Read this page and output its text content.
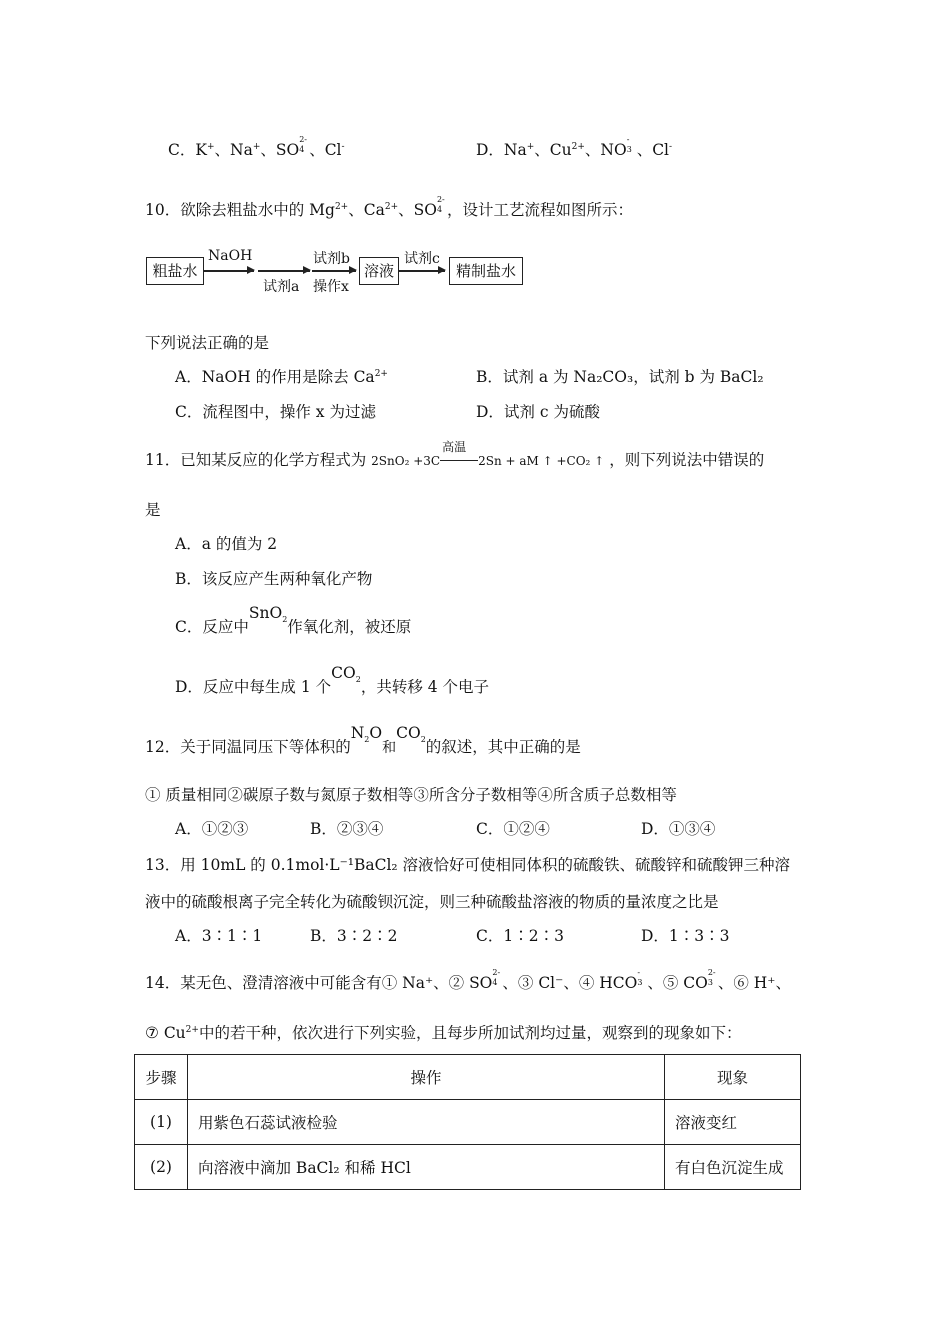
C．K+、Na+、SO
2-
4 、Cl-	D．Na+、$Cu^{2+}$、NO
-
3 、Cl-
10．欲除去粗盐水中的 $Mg^{2+}$、$Ca^{2+}$、SO
2-
4 ，设计工艺流程如图所示：
粗盐水
NaOH
试剂a
试剂b
操作x
溶液
试剂c
精制盐水
下列说法正确的是
A．NaOH 的作用是除去 $Ca^{2+}$	B．试剂 a 为 Na₂CO₃，试剂 b 为 BaCl₂
C．流程图中，操作 x 为过滤	D．试剂 c 为硫酸
11．已知某反应的化学方程式为 2SnO₂ +3C
高温
2Sn + aM ↑ +CO₂ ↑ ，则下列说法中错误的
是
A．a 的值为 2
B．该反应产生两种氧化产物
C．反应中SnO$^2$作氧化剂，被还原
D．反应中每生成 1 个$CO^2$，共转移 4 个电子
12．关于同温同压下等体积的$N^2O$和$CO^2$的叙述，其中正确的是
① 质量相同②碳原子数与氮原子数相等③所含分子数相等④所含质子总数相等
A．①②③	B．②③④	C．①②④	D．①③④
13．用 10mL 的 0.1mol·L⁻¹BaCl₂ 溶液恰好可使相同体积的硫酸铁、硫酸锌和硫酸钾三种溶
液中的硫酸根离子完全转化为硫酸钡沉淀，则三种硫酸盐溶液的物质的量浓度之比是
A．3∶1∶1	B．3∶2∶2	C．1∶2∶3	D．1∶3∶3
14．某无色、澄清溶液中可能含有① Na⁺、② SO
2-
4 、③ Cl⁻、④ HCO
-
3 、⑤ CO
2-
3 、⑥ H⁺、
⑦ $Cu^{2+}$中的若干种，依次进行下列实验，且每步所加试剂均过量，观察到的现象如下：
步骤	操作	现象
(1)	用紫色石蕊试液检验	溶液变红
(2)	向溶液中滴加 BaCl₂ 和稀 HCl	有白色沉淀生成
